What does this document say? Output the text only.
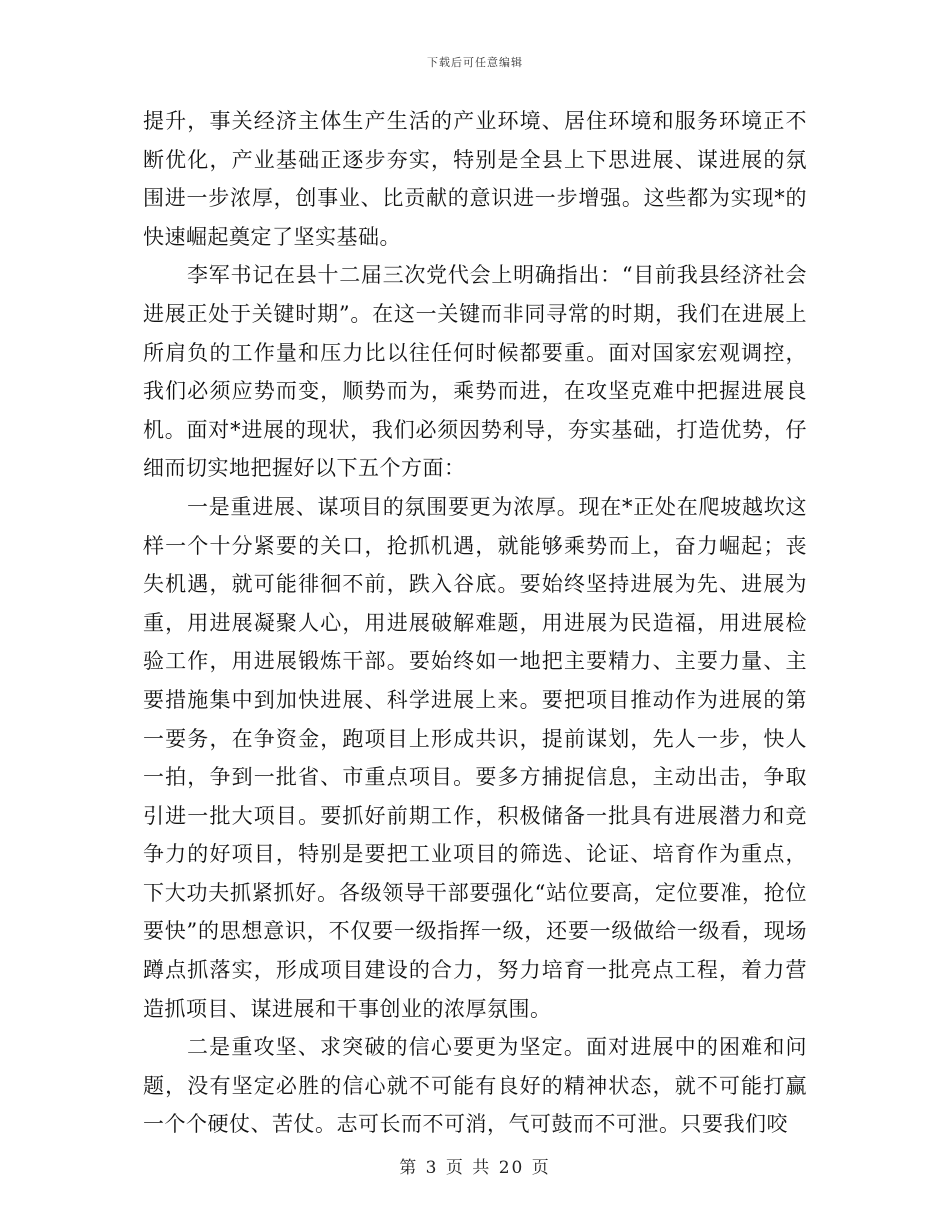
下载后可任意编辑

提升，事关经济主体生产生活的产业环境、居住环境和服务环境正不断优化，产业基础正逐步夯实，特别是全县上下思进展、谋进展的氛围进一步浓厚，创事业、比贡献的意识进一步增强。这些都为实现*的快速崛起奠定了坚实基础。

李军书记在县十二届三次党代会上明确指出：“目前我县经济社会进展正处于关键时期”。在这一关键而非同寻常的时期，我们在进展上所肩负的工作量和压力比以往任何时候都要重。面对国家宏观调控，我们必须应势而变，顺势而为，乘势而进，在攻坚克难中把握进展良机。面对*进展的现状，我们必须因势利导，夯实基础，打造优势，仔细而切实地把握好以下五个方面：

一是重进展、谋项目的氛围要更为浓厚。现在*正处在爬坡越坎这样一个十分紧要的关口，抢抓机遇，就能够乘势而上，奋力崛起；丧失机遇，就可能徘徊不前，跌入谷底。要始终坚持进展为先、进展为重，用进展凝聚人心，用进展破解难题，用进展为民造福，用进展检验工作，用进展锻炼干部。要始终如一地把主要精力、主要力量、主要措施集中到加快进展、科学进展上来。要把项目推动作为进展的第一要务，在争资金，跑项目上形成共识，提前谋划，先人一步，快人一拍，争到一批省、市重点项目。要多方捕捉信息，主动出击，争取引进一批大项目。要抓好前期工作，积极储备一批具有进展潜力和竞争力的好项目，特别是要把工业项目的筛选、论证、培育作为重点，下大功夫抓紧抓好。各级领导干部要强化“站位要高，定位要准，抢位要快”的思想意识，不仅要一级指挥一级，还要一级做给一级看，现场蹲点抓落实，形成项目建设的合力，努力培育一批亮点工程，着力营造抓项目、谋进展和干事创业的浓厚氛围。

二是重攻坚、求突破的信心要更为坚定。面对进展中的困难和问题，没有坚定必胜的信心就不可能有良好的精神状态，就不可能打赢一个个硬仗、苦仗。志可长而不可消，气可鼓而不可泄。只要我们咬

第 3 页 共 20 页
